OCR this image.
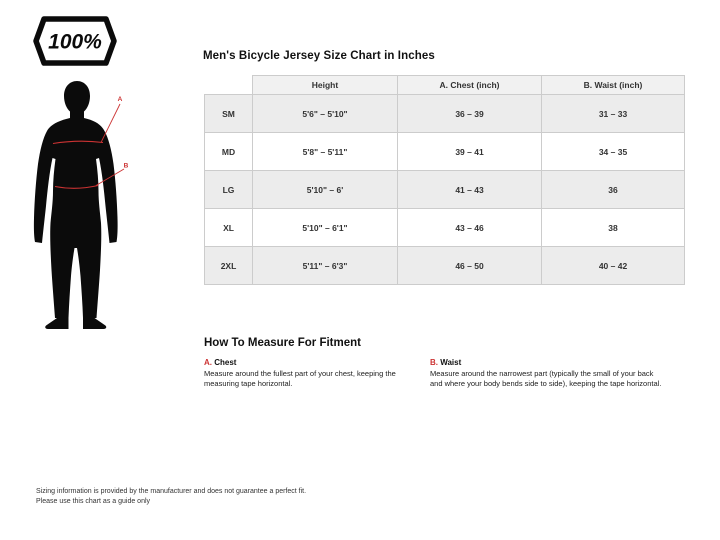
100%
A
B
Men's Bicycle Jersey Size Chart in Inches
	Height	A. Chest (inch)	B. Waist (inch)
SM	5'6" – 5'10"	36 – 39	31 – 33
MD	5'8" – 5'11"	39 – 41	34 – 35
LG	5'10" – 6'	41 – 43	36
XL	5'10" – 6'1"	43 – 46	38
2XL	5'11" – 6'3"	46 – 50	40 – 42
How To Measure For Fitment
A. Chest

Measure around the fullest part of your chest, keeping the measuring tape horizontal.

B. Waist

Measure around the narrowest part (typically the small of your back and where your body bends side to side), keeping the tape horizontal.

Sizing information is provided by the manufacturer and does not guarantee a perfect fit.
Please use this chart as a guide only
